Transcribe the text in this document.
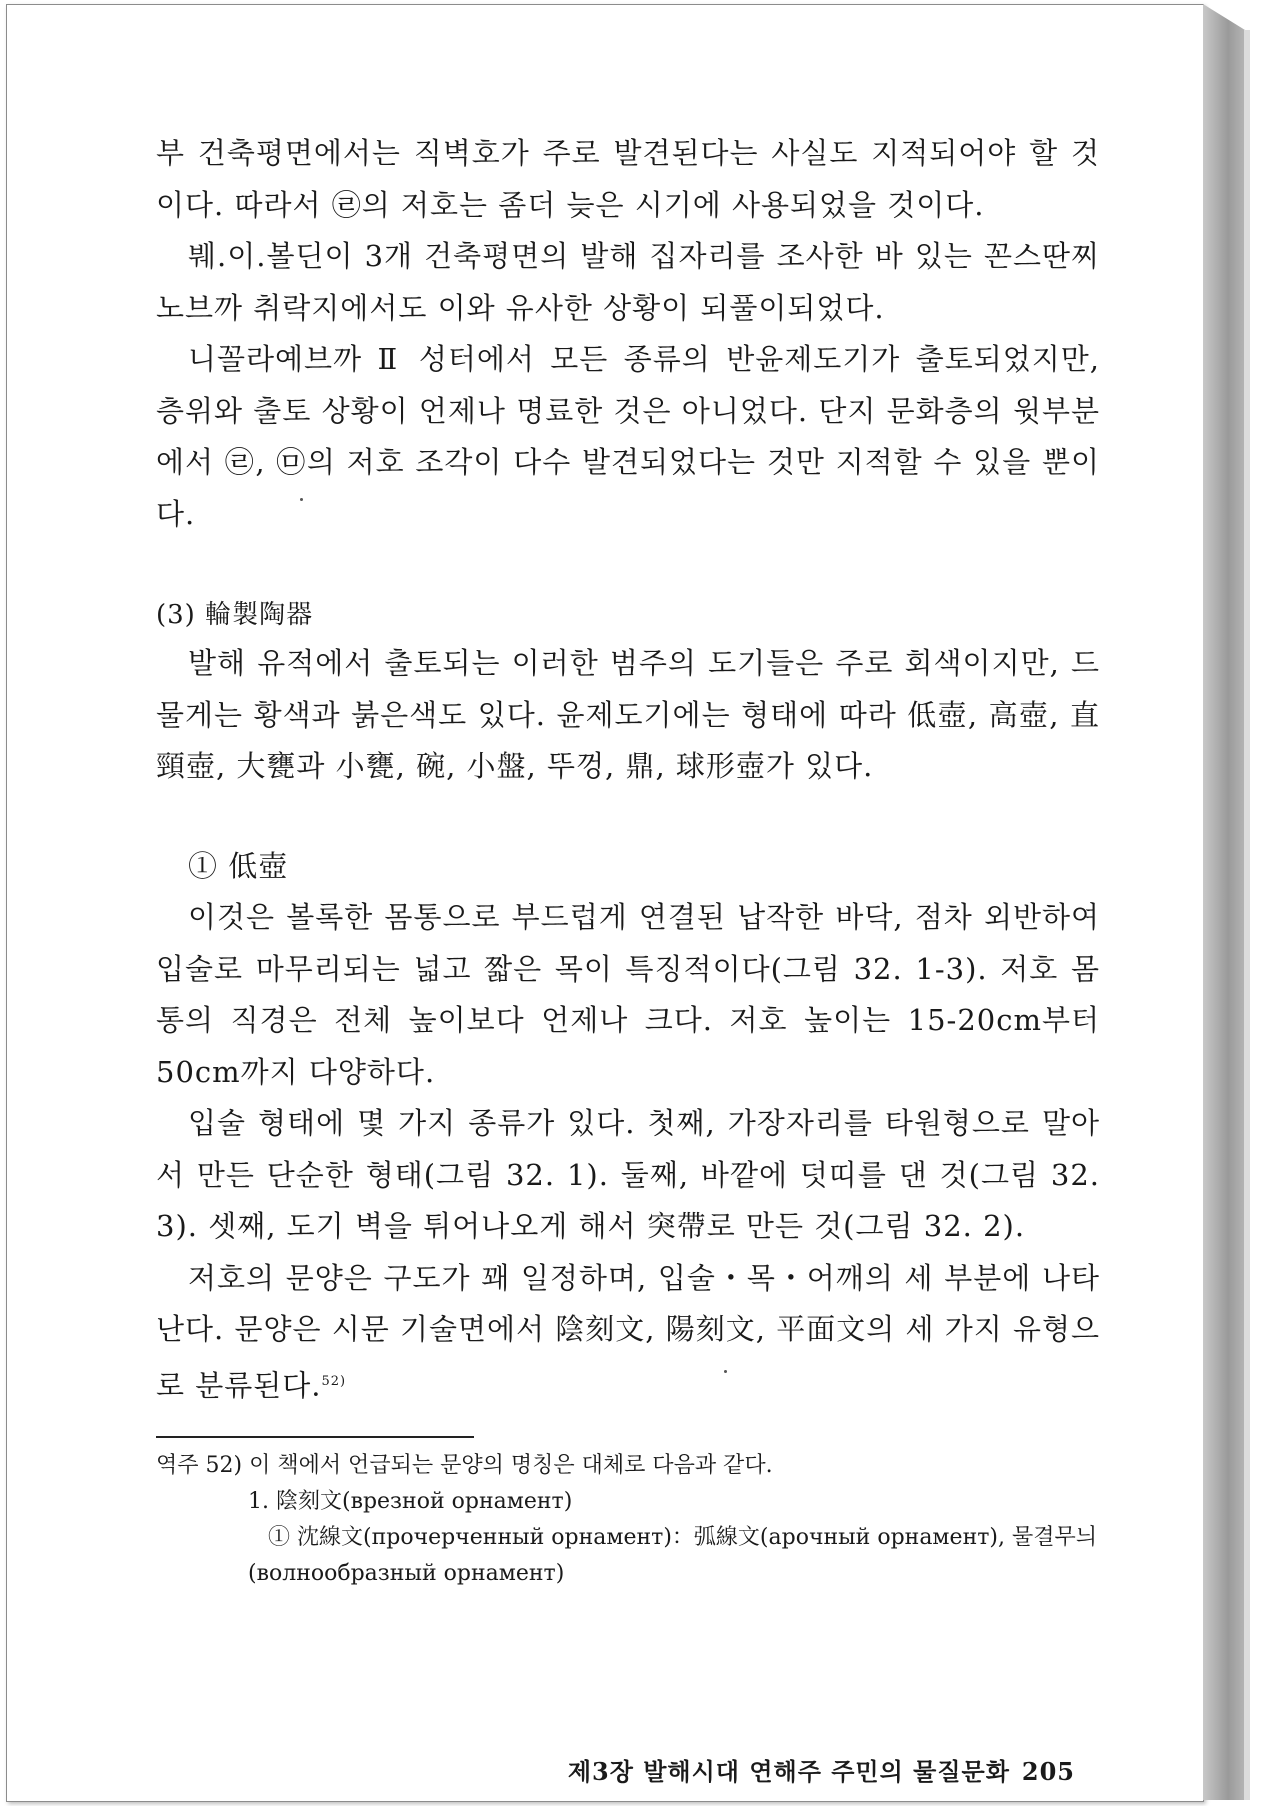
부 건축평면에서는 직벽호가 주로 발견된다는 사실도 지적되어야 할 것이다. 따라서 ㉣의 저호는 좀더 늦은 시기에 사용되었을 것이다.

붸.이.볼딘이 3개 건축평면의 발해 집자리를 조사한 바 있는 꼰스딴찌노브까 취락지에서도 이와 유사한 상황이 되풀이되었다.

니꼴라예브까 Ⅱ 성터에서 모든 종류의 반윤제도기가 출토되었지만, 층위와 출토 상황이 언제나 명료한 것은 아니었다. 단지 문화층의 윗부분에서 ㉣, ㉤의 저호 조각이 다수 발견되었다는 것만 지적할 수 있을 뿐이다.

(3) 輪製陶器

발해 유적에서 출토되는 이러한 범주의 도기들은 주로 회색이지만, 드물게는 황색과 붉은색도 있다. 윤제도기에는 형태에 따라 低壺, 高壺, 直頸壺, 大甕과 小甕, 碗, 小盤, 뚜껑, 鼎, 球形壺가 있다.

① 低壺

이것은 볼록한 몸통으로 부드럽게 연결된 납작한 바닥, 점차 외반하여 입술로 마무리되는 넓고 짧은 목이 특징적이다(그림 32. 1-3). 저호 몸통의 직경은 전체 높이보다 언제나 크다. 저호 높이는 15-20cm부터 50cm까지 다양하다.

입술 형태에 몇 가지 종류가 있다. 첫째, 가장자리를 타원형으로 말아서 만든 단순한 형태(그림 32. 1). 둘째, 바깥에 덧띠를 댄 것(그림 32. 3). 셋째, 도기 벽을 튀어나오게 해서 突帶로 만든 것(그림 32. 2).

저호의 문양은 구도가 꽤 일정하며, 입술・목・어깨의 세 부분에 나타난다. 문양은 시문 기술면에서 陰刻文, 陽刻文, 平面文의 세 가지 유형으로 분류된다.$^{52)}$

역주 52) 이 책에서 언급되는 문양의 명칭은 대체로 다음과 같다.

1. 陰刻文(врезной орнамент)

① 沈線文(прочерченный орнамент)：弧線文(арочный орнамент), 물결무늬

(волнообразный орнамент)

제3장 발해시대 연해주 주민의 물질문화 205
